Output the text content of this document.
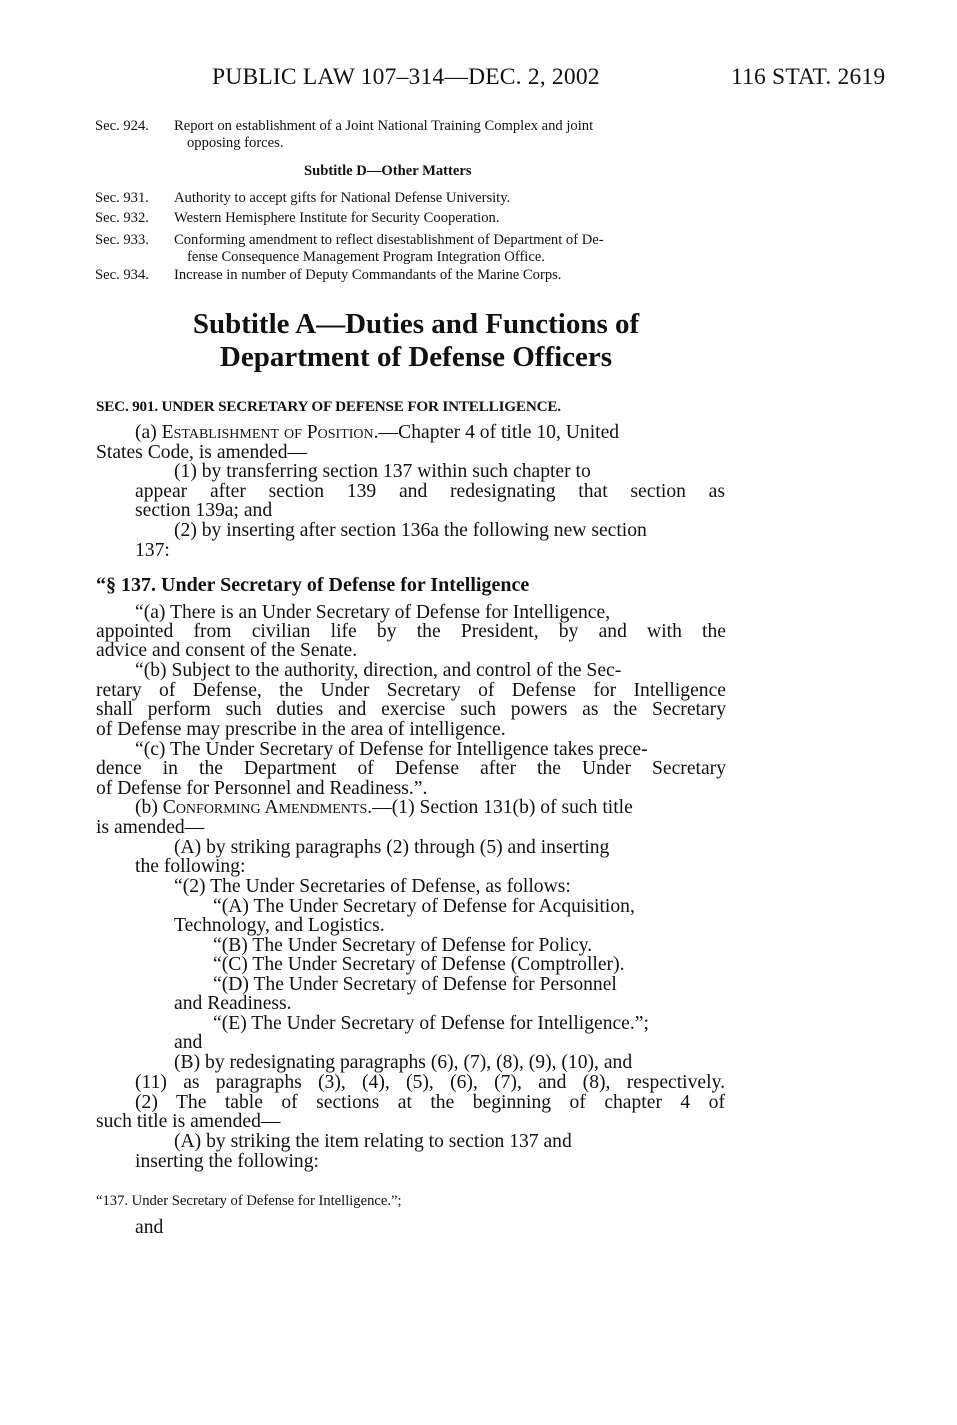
PUBLIC LAW 107–314—DEC. 2, 2002	116 STAT. 2619
Sec. 924. Report on establishment of a Joint National Training Complex and joint
opposing forces.
Subtitle D—Other Matters
Sec. 931. Authority to accept gifts for National Defense University.
Sec. 932. Western Hemisphere Institute for Security Cooperation.
Sec. 933. Conforming amendment to reflect disestablishment of Department of De-
fense Consequence Management Program Integration Office.
Sec. 934. Increase in number of Deputy Commandants of the Marine Corps.
Subtitle A—Duties and Functions of
Department of Defense Officers
SEC. 901. UNDER SECRETARY OF DEFENSE FOR INTELLIGENCE.
(a) Establishment of Position.—Chapter 4 of title 10, United
States Code, is amended—
(1) by transferring section 137 within such chapter to
appear after section 139 and redesignating that section as
section 139a; and
(2) by inserting after section 136a the following new section
137:
“§ 137. Under Secretary of Defense for Intelligence
“(a) There is an Under Secretary of Defense for Intelligence,
appointed from civilian life by the President, by and with the
advice and consent of the Senate.
“(b) Subject to the authority, direction, and control of the Sec-
retary of Defense, the Under Secretary of Defense for Intelligence
shall perform such duties and exercise such powers as the Secretary
of Defense may prescribe in the area of intelligence.
“(c) The Under Secretary of Defense for Intelligence takes prece-
dence in the Department of Defense after the Under Secretary
of Defense for Personnel and Readiness.”.
(b) Conforming Amendments.—(1) Section 131(b) of such title
is amended—
(A) by striking paragraphs (2) through (5) and inserting
the following:
“(2) The Under Secretaries of Defense, as follows:
“(A) The Under Secretary of Defense for Acquisition,
Technology, and Logistics.
“(B) The Under Secretary of Defense for Policy.
“(C) The Under Secretary of Defense (Comptroller).
“(D) The Under Secretary of Defense for Personnel
and Readiness.
“(E) The Under Secretary of Defense for Intelligence.”;
and
(B) by redesignating paragraphs (6), (7), (8), (9), (10), and
(11) as paragraphs (3), (4), (5), (6), (7), and (8), respectively.
(2) The table of sections at the beginning of chapter 4 of
such title is amended—
(A) by striking the item relating to section 137 and
inserting the following:
“137. Under Secretary of Defense for Intelligence.”;
and
